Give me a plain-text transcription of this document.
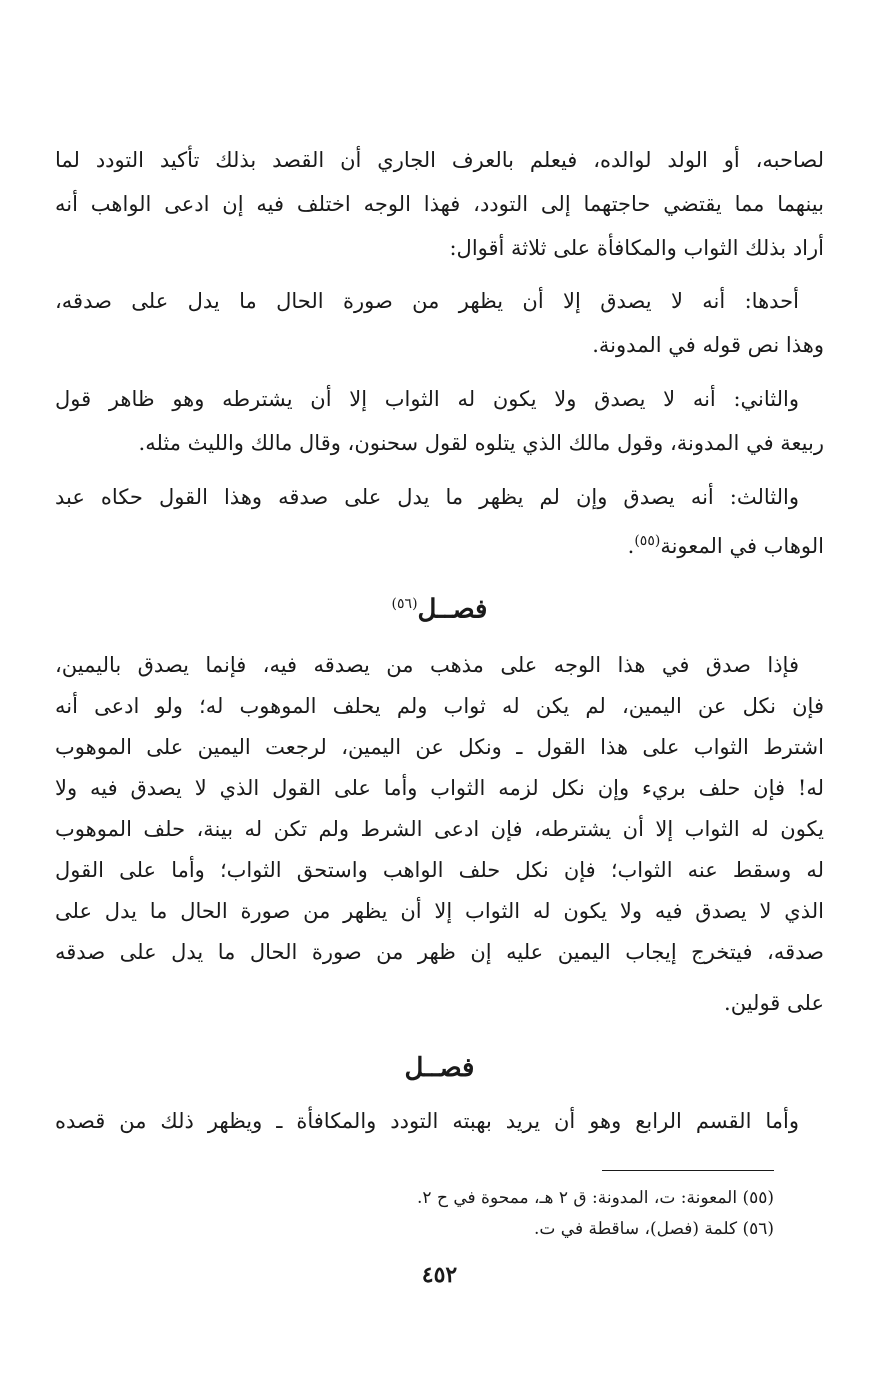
لصاحبه، أو الولد لوالده، فيعلم بالعرف الجاري أن القصد بذلك تأكيد التودد لما
بينهما مما يقتضي حاجتهما إلى التودد، فهذا الوجه اختلف فيه إن ادعى الواهب أنه
أراد بذلك الثواب والمكافأة على ثلاثة أقوال:
أحدها: أنه لا يصدق إلا أن يظهر من صورة الحال ما يدل على صدقه،
وهذا نص قوله في المدونة.
والثاني: أنه لا يصدق ولا يكون له الثواب إلا أن يشترطه وهو ظاهر قول
ربيعة في المدونة، وقول مالك الذي يتلوه لقول سحنون، وقال مالك والليث مثله.
والثالث: أنه يصدق وإن لم يظهر ما يدل على صدقه وهذا القول حكاه عبد
الوهاب في المعونة$^{(٥٥)}$.
فصــل$^{(٥٦)}$
فإذا صدق في هذا الوجه على مذهب من يصدقه فيه، فإنما يصدق باليمين،
فإن نكل عن اليمين، لم يكن له ثواب ولم يحلف الموهوب له؛ ولو ادعى أنه
اشترط الثواب على هذا القول ـ ونكل عن اليمين، لرجعت اليمين على الموهوب
له! فإن حلف بريء وإن نكل لزمه الثواب وأما على القول الذي لا يصدق فيه ولا
يكون له الثواب إلا أن يشترطه، فإن ادعى الشرط ولم تكن له بينة، حلف الموهوب
له وسقط عنه الثواب؛ فإن نكل حلف الواهب واستحق الثواب؛ وأما على القول
الذي لا يصدق فيه ولا يكون له الثواب إلا أن يظهر من صورة الحال ما يدل على
صدقه، فيتخرج إيجاب اليمين عليه إن ظهر من صورة الحال ما يدل على صدقه
على قولين.
فصــل
وأما القسم الرابع وهو أن يريد بهبته التودد والمكافأة ـ ويظهر ذلك من قصده
(٥٥) المعونة: ت، المدونة: ق ٢ هـ، ممحوة في ح ٢.
(٥٦) كلمة (فصل)، ساقطة في ت.
٤٥٢
